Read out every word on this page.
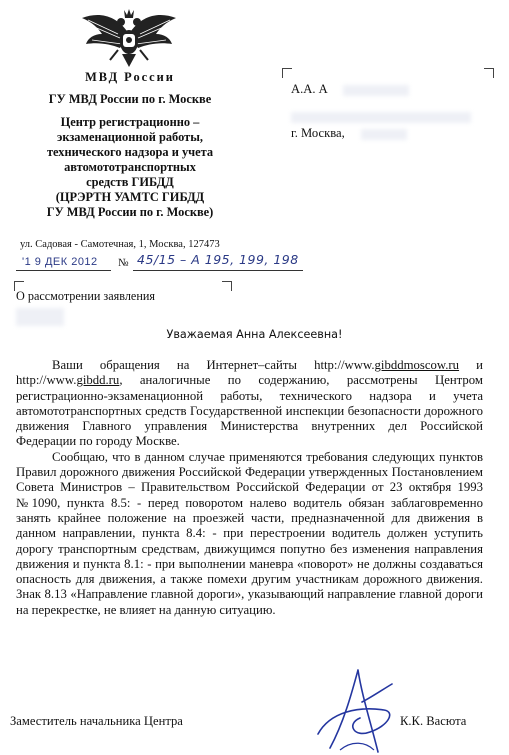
МВД России
ГУ МВД России по г. Москве
Центр регистрационно –
экзаменационной работы,
технического надзора и учета
автомототранспортных
средств ГИБДД
(ЦРЭРТН УАМТС ГИБДД
ГУ МВД России по г. Москве)
ул. Садовая - Самотечная, 1, Москва, 127473
'1 9 ДЕК 2012 № 45/15 – А 195, 199, 198
О рассмотрении заявления
А.А. А
г. Москва,
Уважаемая Анна Алексеевна!

Ваши обращения на Интернет–сайты http://www.gibddmoscow.ru и http://www.gibdd.ru, аналогичные по содержанию, рассмотрены Центром регистрационно-экзаменационной работы, технического надзора и учета автомототранспортных средств Государственной инспекции безопасности дорожного движения Главного управления Министерства внутренних дел Российской Федерации по городу Москве.

Сообщаю, что в данном случае применяются требования следующих пунктов Правил дорожного движения Российской Федерации утвержденных Постановлением Совета Министров – Правительством Российской Федерации от 23 октября 1993 №1090, пункта 8.5: - перед поворотом налево водитель обязан заблаговременно занять крайнее положение на проезжей части, предназначенной для движения в данном направлении, пункта 8.4: - при перестроении водитель должен уступить дорогу транспортным средствам, движущимся попутно без изменения направления движения и пункта 8.1: - при выполнении маневра «поворот» не должны создаваться опасность для движения, а также помехи другим участникам дорожного движения. Знак 8.13 «Направление главной дороги», указывающий направление главной дороги на перекрестке, не влияет на данную ситуацию.

Заместитель начальника Центра	К.К. Васюта
